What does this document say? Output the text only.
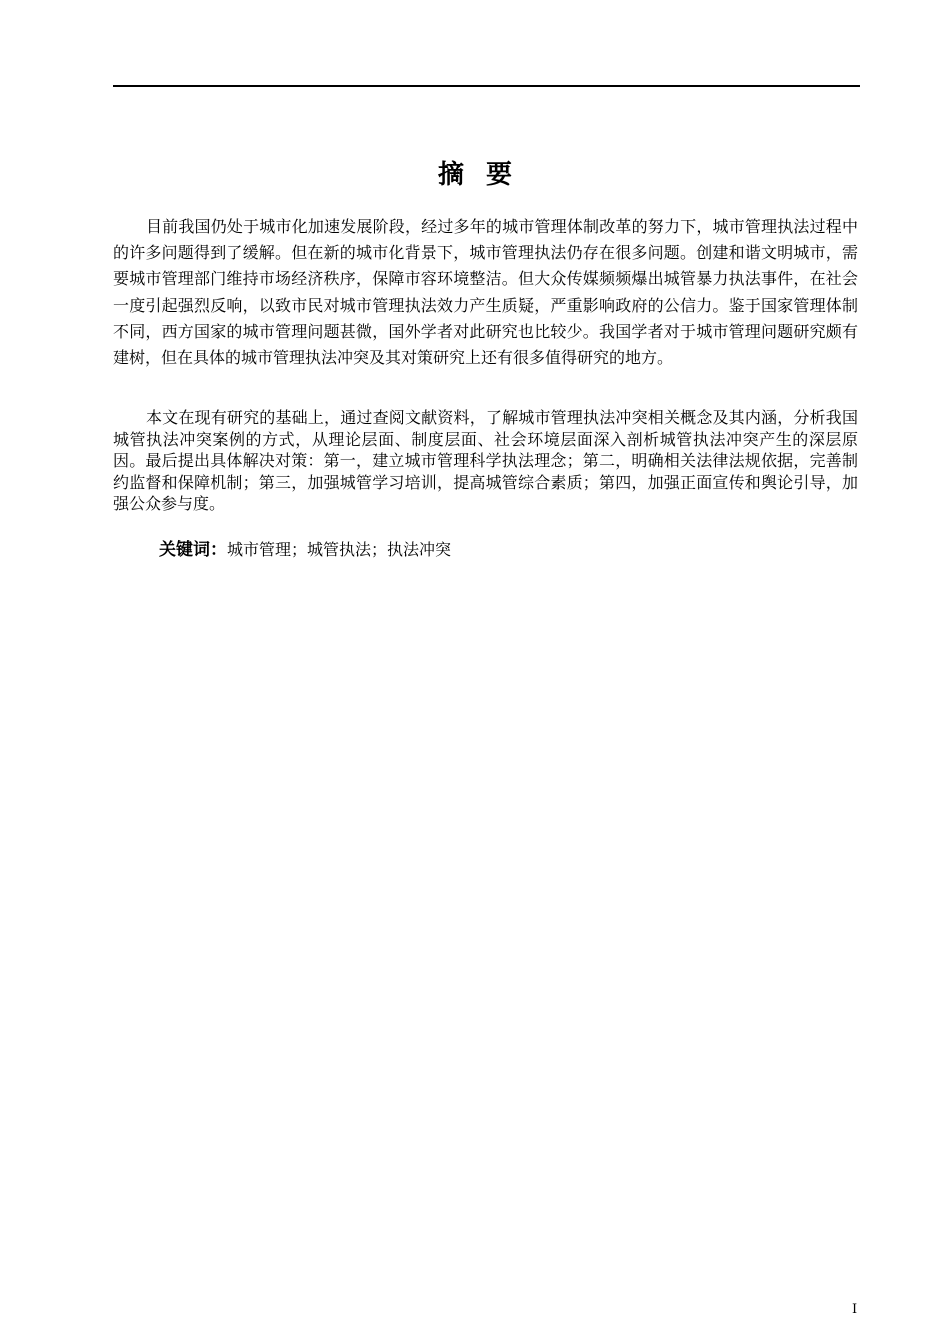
摘要

目前我国仍处于城市化加速发展阶段，经过多年的城市管理体制改革的努力下，城市管理执法过程中的许多问题得到了缓解。但在新的城市化背景下，城市管理执法仍存在很多问题。创建和谐文明城市，需要城市管理部门维持市场经济秩序，保障市容环境整洁。但大众传媒频频爆出城管暴力执法事件，在社会一度引起强烈反响，以致市民对城市管理执法效力产生质疑，严重影响政府的公信力。鉴于国家管理体制不同，西方国家的城市管理问题甚微，国外学者对此研究也比较少。我国学者对于城市管理问题研究颇有建树，但在具体的城市管理执法冲突及其对策研究上还有很多值得研究的地方。

本文在现有研究的基础上，通过查阅文献资料，了解城市管理执法冲突相关概念及其内涵，分析我国城管执法冲突案例的方式，从理论层面、制度层面、社会环境层面深入剖析城管执法冲突产生的深层原因。最后提出具体解决对策：第一，建立城市管理科学执法理念；第二，明确相关法律法规依据，完善制约监督和保障机制；第三，加强城管学习培训，提高城管综合素质；第四，加强正面宣传和舆论引导，加强公众参与度。

关键词：城市管理；城管执法；执法冲突
I
